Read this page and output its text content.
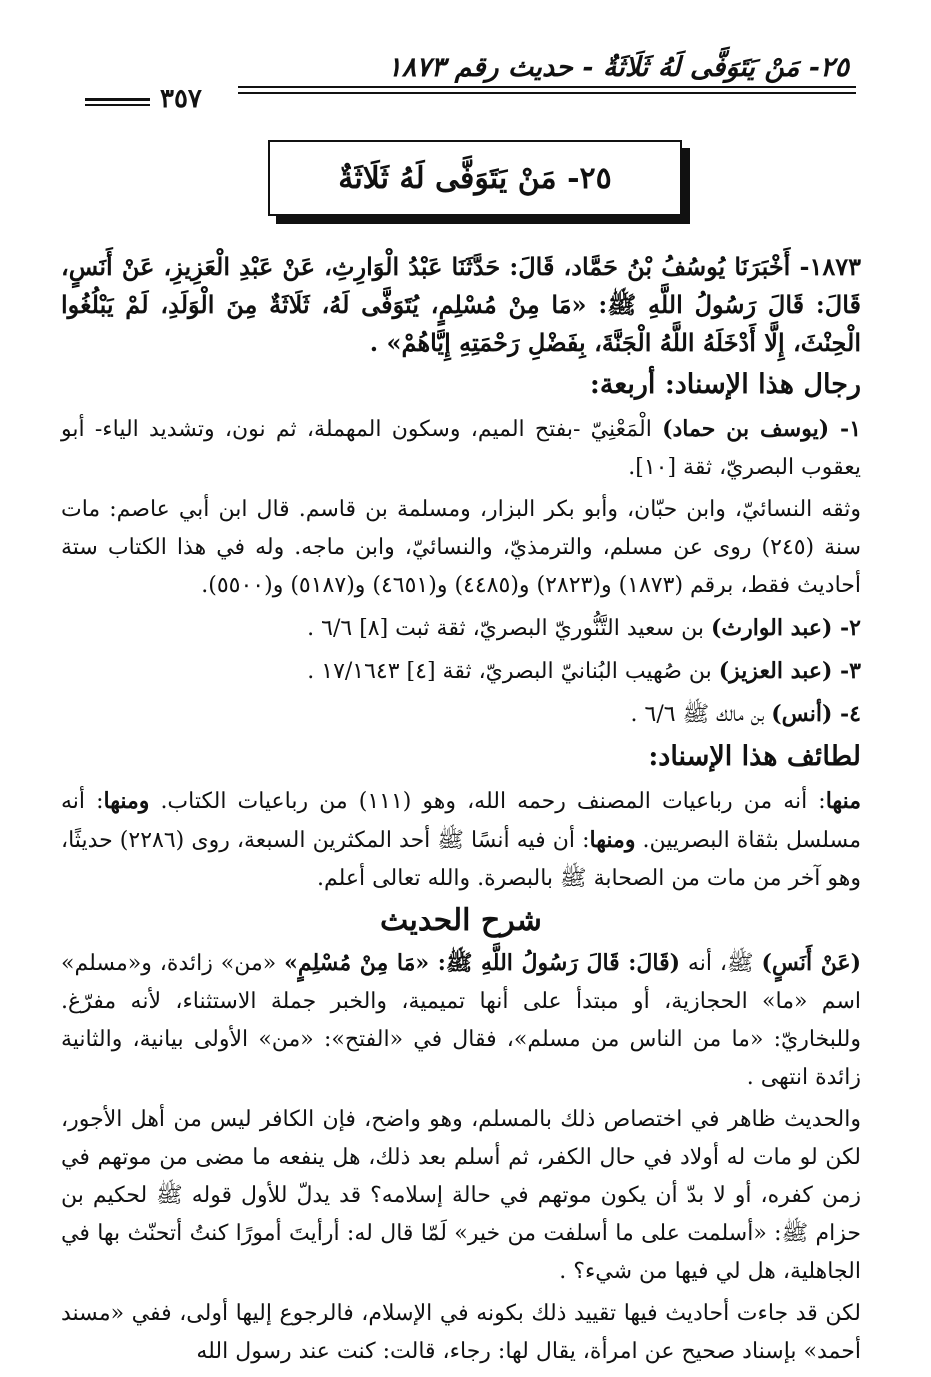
٢٥- مَنْ يَتَوَفَّى لَهُ ثَلَاثَةٌ - حديث رقم ١٨٧٣
٣٥٧
٢٥- مَنْ يَتَوَفَّى لَهُ ثَلَاثَةٌ

١٨٧٣- أَخْبَرَنَا يُوسُفُ بْنُ حَمَّاد، قَالَ: حَدَّثَنَا عَبْدُ الْوَارِثِ، عَنْ عَبْدِ الْعَزِيزِ، عَنْ أَنَسٍ، قَالَ: قَالَ رَسُولُ اللَّهِ ﷺ: «مَا مِنْ مُسْلِمٍ، يُتَوَفَّى لَهُ، ثَلَاثَةٌ مِنَ الْوَلَدِ، لَمْ يَبْلُغُوا الْحِنْثَ، إِلَّا أَدْخَلَهُ اللَّهُ الْجَنَّةَ، بِفَضْلِ رَحْمَتِهِ إِيَّاهُمْ» .

رجال هذا الإسناد: أربعة:

١- (يوسف بن حماد) الْمَعْنِيّ -بفتح الميم، وسكون المهملة، ثم نون، وتشديد الياء- أبو يعقوب البصريّ، ثقة [١٠].

وثقه النسائيّ، وابن حبّان، وأبو بكر البزار، ومسلمة بن قاسم. قال ابن أبي عاصم: مات سنة (٢٤٥) روى عن مسلم، والترمذيّ، والنسائيّ، وابن ماجه. وله في هذا الكتاب ستة أحاديث فقط، برقم (١٨٧٣) و(٢٨٢٣) و(٤٤٨٥) و(٤٦٥١) و(٥١٨٧) و(٥٥٠٠).

٢- (عبد الوارث) بن سعيد التَّنُّوريّ البصريّ، ثقة ثبت [٨] ٦/٦ .

٣- (عبد العزيز) بن صُهيب البُنانيّ البصريّ، ثقة [٤] ١٧/١٦٤٣ .

٤- (أنس) بن مالك ﷺ ٦/٦ .

لطائف هذا الإسناد:

منها: أنه من رباعيات المصنف رحمه الله، وهو (١١١) من رباعيات الكتاب. ومنها: أنه مسلسل بثقاة البصريين. ومنها: أن فيه أنسًا ﷺ أحد المكثرين السبعة، روى (٢٢٨٦) حديثًا، وهو آخر من مات من الصحابة ﷺ بالبصرة. والله تعالى أعلم.

شرح الحديث

(عَنْ أَنَسٍ) ﷺ، أنه (قَالَ: قَالَ رَسُولُ اللَّهِ ﷺ: «مَا مِنْ مُسْلِمٍ» «من» زائدة، و«مسلم» اسم «ما» الحجازية، أو مبتدأ على أنها تميمية، والخبر جملة الاستثناء، لأنه مفرّغ. وللبخاريّ: «ما من الناس من مسلم»، فقال في «الفتح»: «من» الأولى بيانية، والثانية زائدة انتهى .

والحديث ظاهر في اختصاص ذلك بالمسلم، وهو واضح، فإن الكافر ليس من أهل الأجور، لكن لو مات له أولاد في حال الكفر، ثم أسلم بعد ذلك، هل ينفعه ما مضى من موتهم في زمن كفره، أو لا بدّ أن يكون موتهم في حالة إسلامه؟ قد يدلّ للأول قوله ﷺ لحكيم بن حزام ﷺ: «أسلمت على ما أسلفت من خير» لَمّا قال له: أرأيتَ أمورًا كنتُ أتحنّث بها في الجاهلية، هل لي فيها من شيء؟ .

لكن قد جاءت أحاديث فيها تقييد ذلك بكونه في الإسلام، فالرجوع إليها أولى، ففي «مسند أحمد» بإسناد صحيح عن امرأة، يقال لها: رجاء، قالت: كنت عند رسول الله
